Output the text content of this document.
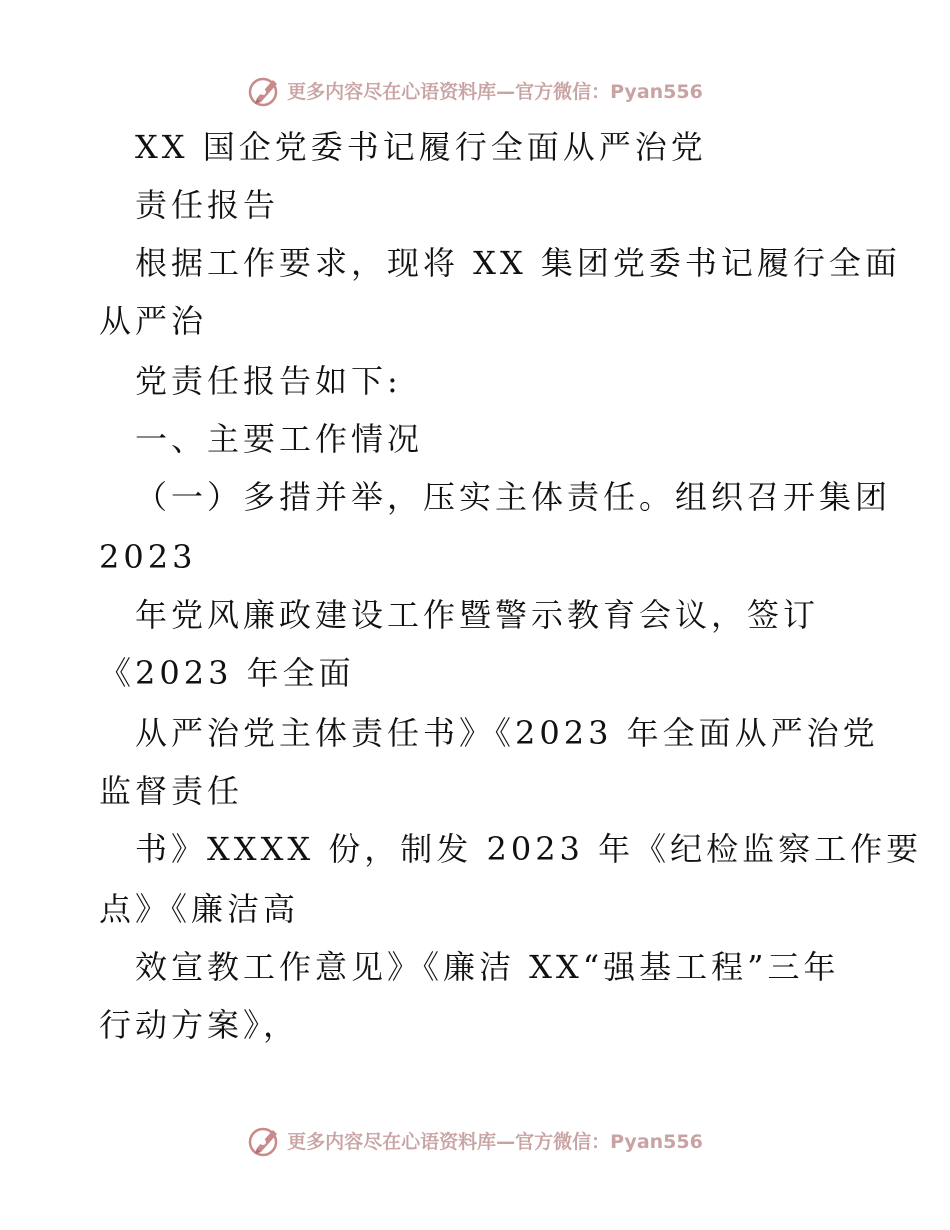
更多内容尽在心语资料库—官方微信：Pyan556
XX 国企党委书记履行全面从严治党
责任报告
根据工作要求，现将 XX 集团党委书记履行全面
从严治
党责任报告如下:
一、主要工作情况
（一）多措并举，压实主体责任。组织召开集团
2023
年党风廉政建设工作暨警示教育会议，签订
《2023 年全面
从严治党主体责任书》《2023 年全面从严治党
监督责任
书》XXXX 份，制发 2023 年《纪检监察工作要
点》《廉洁高
效宣教工作意见》《廉洁 XX“强基工程”三年
行动方案》，
更多内容尽在心语资料库—官方微信：Pyan556
